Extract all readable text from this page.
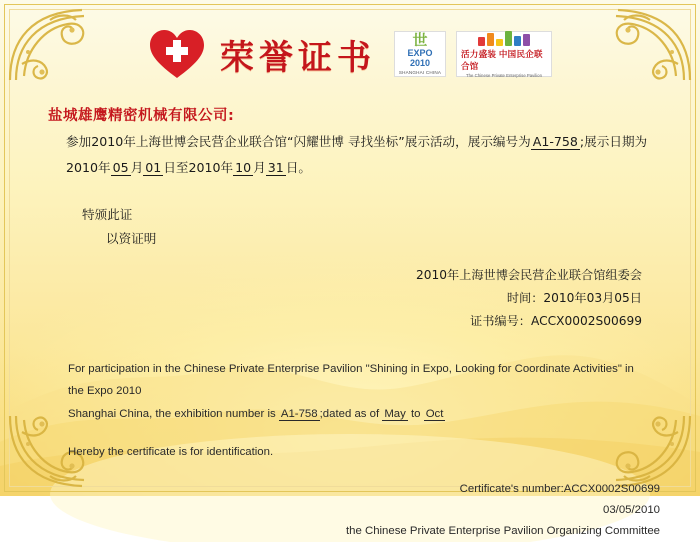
荣誉证书 世
EXPO
2010
SHANGHAI CHINA
活力盛装 中国民企联合馆
The Chinese Private Enterprise Pavilion
盐城雄鹰精密机械有限公司:
参加2010年上海世博会民营企业联合馆“闪耀世博 寻找坐标”展示活动，展示编号为 A1-758 ;展示日期为2010年 05 月 01 日至2010年 10 月 31 日。
特颁此证
以资证明
2010年上海世博会民营企业联合馆组委会
时间：2010年03月05日
证书编号：ACCX0002S00699
For participation in the Chinese Private Enterprise Pavilion "Shining in Expo, Looking for Coordinate Activities" in the Expo 2010
Shanghai China, the exhibition number is A1-758 ;dated as of May to Oct
Hereby the certificate is for identification.
Certificate's number:ACCX0002S00699
03/05/2010
the Chinese Private Enterprise Pavilion Organizing Committee
